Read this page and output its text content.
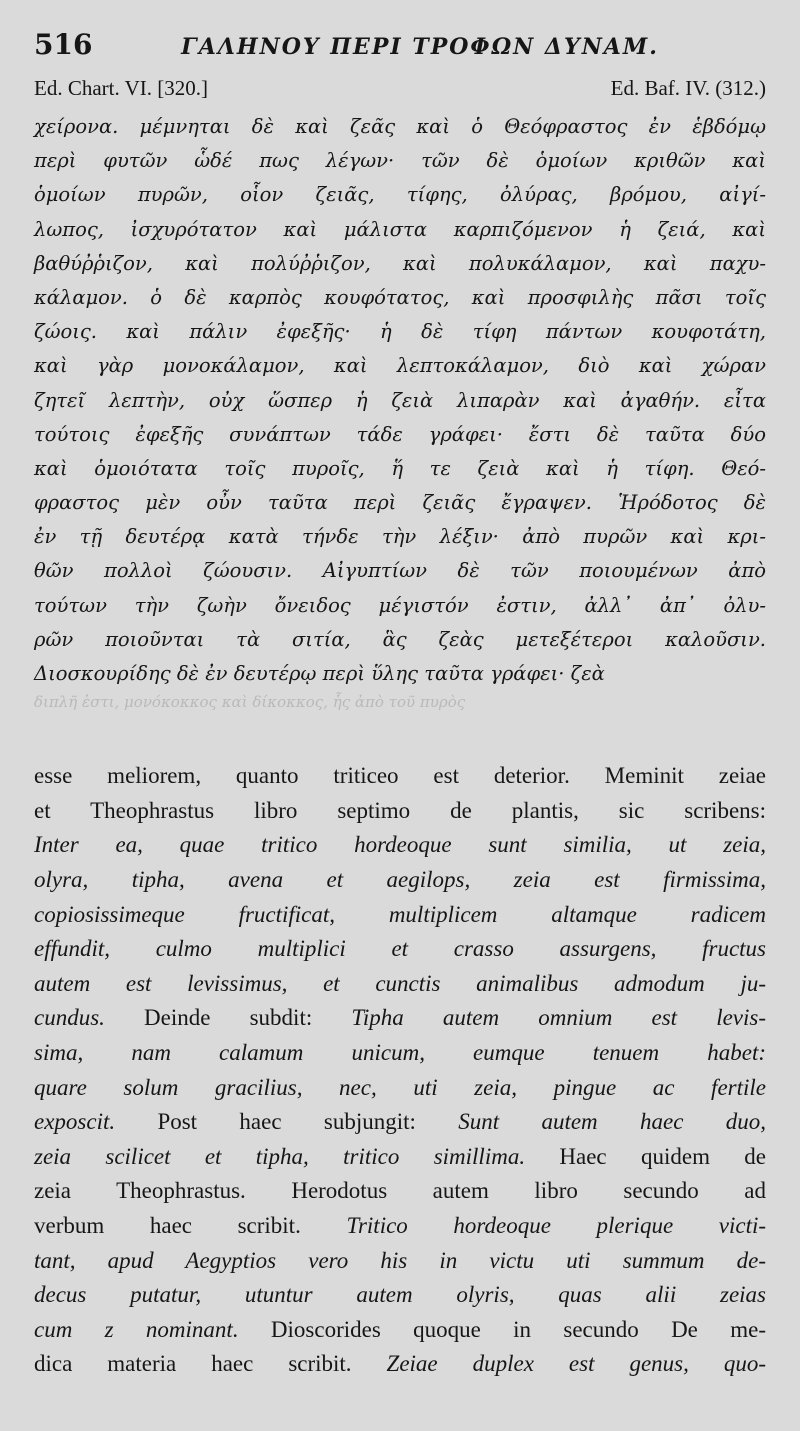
516	ΓΑΛΗΝΟΥ ΠΕΡΙ ΤΡΟΦΩΝ ΔΥΝΑΜ.
Ed. Chart. VI. [320.]	Ed. Baf. IV. (312.)
χείρονα. μέμνηται δὲ καὶ ζεᾶς καὶ ὁ Θεόφραστος ἐν ἑβδόμῳ
περὶ φυτῶν ὧδέ πως λέγων· τῶν δὲ ὁμοίων κριθῶν καὶ
ὁμοίων πυρῶν, οἷον ζειᾶς, τίφης, ὀλύρας, βρόμου, αἰγί-
λωπος, ἰσχυρότατον καὶ μάλιστα καρπιζόμενον ἡ ζειά, καὶ
βαθύῤῥιζον, καὶ πολύῤῥιζον, καὶ πολυκάλαμον, καὶ παχυ-
κάλαμον. ὁ δὲ καρπὸς κουφότατος, καὶ προσφιλὴς πᾶσι τοῖς
ζώοις. καὶ πάλιν ἐφεξῆς· ἡ δὲ τίφη πάντων κουφοτάτη,
καὶ γὰρ μονοκάλαμον, καὶ λεπτοκάλαμον, διὸ καὶ χώραν
ζητεῖ λεπτὴν, οὐχ ὥσπερ ἡ ζειὰ λιπαρὰν καὶ ἀγαθήν. εἶτα
τούτοις ἐφεξῆς συνάπτων τάδε γράφει· ἔστι δὲ ταῦτα δύο
καὶ ὁμοιότατα τοῖς πυροῖς, ἥ τε ζειὰ καὶ ἡ τίφη. Θεό-
φραστος μὲν οὖν ταῦτα περὶ ζειᾶς ἔγραψεν. Ἡρόδοτος δὲ
ἐν τῇ δευτέρᾳ κατὰ τήνδε τὴν λέξιν· ἀπὸ πυρῶν καὶ κρι-
θῶν πολλοὶ ζώουσιν. Αἰγυπτίων δὲ τῶν ποιουμένων ἀπὸ
τούτων τὴν ζωὴν ὄνειδος μέγιστόν ἐστιν, ἀλλ᾿ ἀπ᾿ ὀλυ-
ρῶν ποιοῦνται τὰ σιτία, ἃς ζεὰς μετεξέτεροι καλοῦσιν.
Διοσκουρίδης δὲ ἐν δευτέρῳ περὶ ὕλης ταῦτα γράφει· ζεὰ
διπλῆ ἐστι, μονόκοκκος καὶ δίκοκκος, ἧς ἀπὸ τοῦ πυρὸς
esse meliorem, quanto triticeo est deterior. Meminit zeiae
et Theophrastus libro septimo de plantis, sic scribens:
Inter ea, quae tritico hordeoque sunt similia, ut zeia,
olyra, tipha, avena et aegilops, zeia est firmissima,
copiosissimeque fructificat, multiplicem altamque radicem
effundit, culmo multiplici et crasso assurgens, fructus
autem est levissimus, et cunctis animalibus admodum ju-
cundus. Deinde subdit: Tipha autem omnium est levis-
sima, nam calamum unicum, eumque tenuem habet:
quare solum gracilius, nec, uti zeia, pingue ac fertile
exposcit. Post haec subjungit: Sunt autem haec duo,
zeia scilicet et tipha, tritico simillima. Haec quidem de
zeia Theophrastus. Herodotus autem libro secundo ad
verbum haec scribit. Tritico hordeoque plerique victi-
tant, apud Aegyptios vero his in victu uti summum de-
decus putatur, utuntur autem olyris, quas alii zeias
cum z nominant. Dioscorides quoque in secundo De me-
dica materia haec scribit. Zeiae duplex est genus, quo-
